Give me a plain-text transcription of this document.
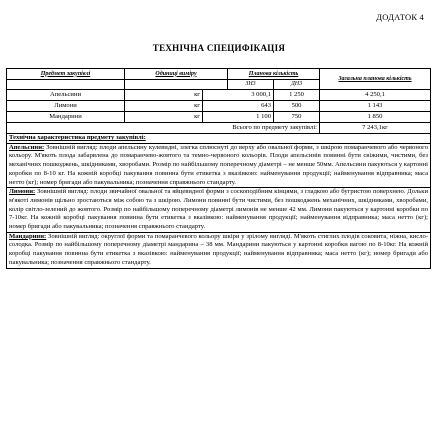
ДОДАТОК 4
ТЕХНІЧНА СПЕЦИФІКАЦІЯ
Предмет закупівлі	Одиниці виміру		Планова кількість		Загальна планова кількість
			ЗН3	ДН3	
Апельсини	кг	3 000,1		1 250	4 250,1
Лимони	кг	643		500	1 143
Мандарини	кг	1 100		750	1 850
Всього по предмету закупівлі:					7 243,1кг
Технічна характеристика предмету закупівлі:					
Апельсини: Зовнішній вигляд: плоди апельсину кулевидні, злегка сплюснуті до верху або овальної форми, з шкірою помаранчевого або червоного кольору. М'якоть плода забарвлена до помаранчево-жовтого та темно-червоного кольорів. Плоди апельсинів повинні бути свіжими, чистими, без механічних пошкоджень, шкідниками, хворобами. Розмір по найбільшому поперечному діаметрі – не менше 50мм. Апельсини пакуються у картонні коробки по 8-10 кг. На кожній коробці пакування повинна бути етикетка з вказівкою: найменування продукції; найменування відправника; маса нетто (кг); номер бригади або пакувальника; позначення справжнього стандарту.					
Лимони: Зовнішній вигляд: плоди звичайної овальної та яйцевидної форми з соскоподібним кінцями, з гладкою або бугристою поверхнею. Дольки м'якоті лимонів щільно зростаються між собою та з шкірою. Лимони повинні бути чистими, без пошкоджень механічних, шкідниками, хворобами, колір світло-зелений до жовтого. Розмір по найбільшому поперечному діаметрі лимонів не менше 42 мм. Лимони пакуються у картонні коробки по 7-10кг. На кожній коробці пакування повинна бути етикетка з вказівкою: найменування продукції; найменування відправника; маса нетто (кг); номер бригади або пакувальника; позначення справжнього стандарту.					
Мандарини: Зовнішній вигляд: округлої форми та помаранчевого кольору шкіри у зрілому вигляді. М'якоть стиглих плодів соковита, ніжна, кисло-солодка. Розмір по найбільшому поперечному діаметрі мандарина – 38 мм. Мандарини пакуються у картонні коробки вагою по 8-10кг. На кожній коробці пакування повинна бути етикетка з вказівкою: найменування продукції; найменування відправника; маса нетто (кг); номер бригади або пакувальника; позначення справжнього стандарту.					
